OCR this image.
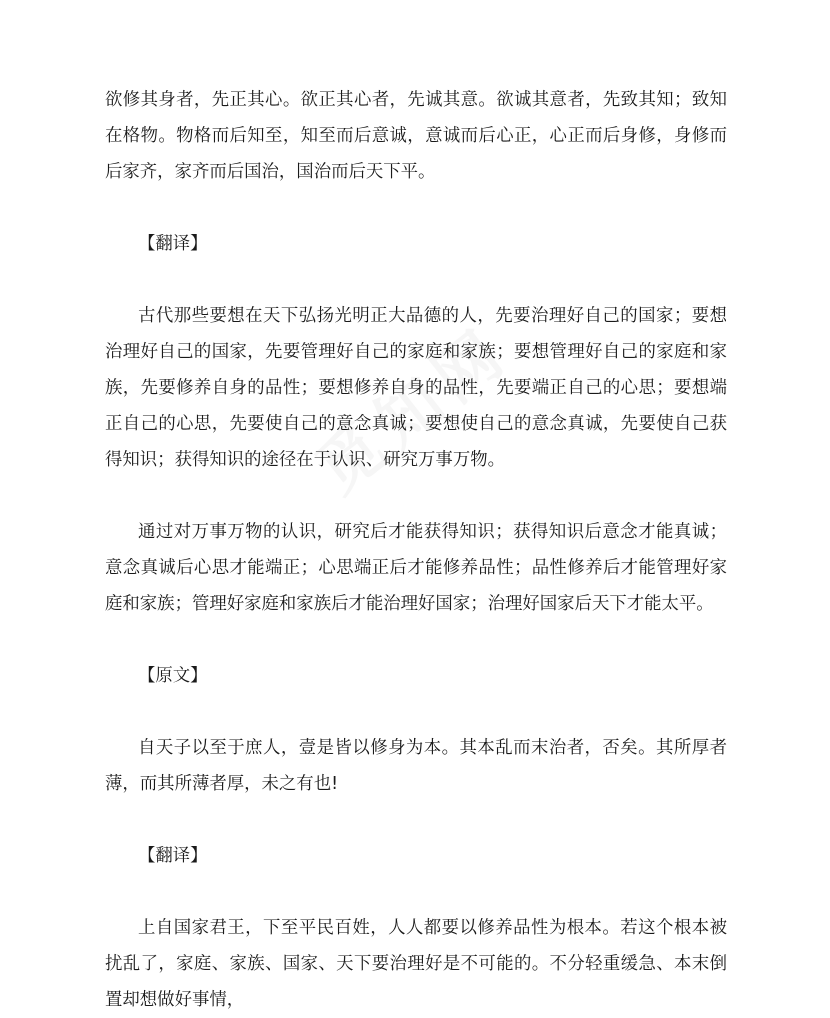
欲修其身者，先正其心。欲正其心者，先诚其意。欲诚其意者，先致其知；致知在格物。物格而后知至，知至而后意诚，意诚而后心正，心正而后身修，身修而后家齐，家齐而后国治，国治而后天下平。

【翻译】

古代那些要想在天下弘扬光明正大品德的人，先要治理好自己的国家；要想治理好自己的国家，先要管理好自己的家庭和家族；要想管理好自己的家庭和家族，先要修养自身的品性；要想修养自身的品性，先要端正自己的心思；要想端正自己的心思，先要使自己的意念真诚；要想使自己的意念真诚，先要使自己获得知识；获得知识的途径在于认识、研究万事万物。

通过对万事万物的认识，研究后才能获得知识；获得知识后意念才能真诚；意念真诚后心思才能端正；心思端正后才能修养品性；品性修养后才能管理好家庭和家族；管理好家庭和家族后才能治理好国家；治理好国家后天下才能太平。

【原文】

自天子以至于庶人，壹是皆以修身为本。其本乱而末治者，否矣。其所厚者薄，而其所薄者厚，未之有也!

【翻译】

上自国家君王，下至平民百姓，人人都要以修养品性为根本。若这个根本被扰乱了，家庭、家族、国家、天下要治理好是不可能的。不分轻重缓急、本末倒置却想做好事情，
